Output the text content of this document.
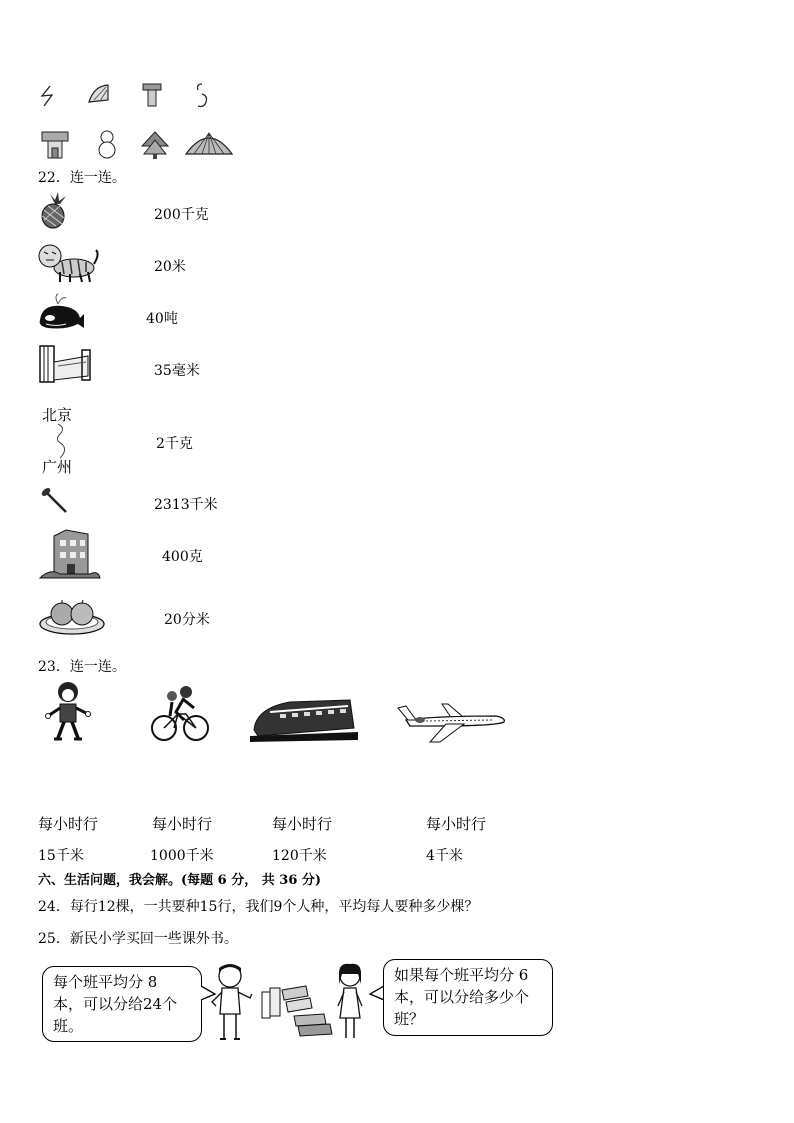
22．连一连。
200千克
20米
40吨
35毫米
北京
广州
2千克
2313千米
400克
20分米
23．连一连。
每小时行	每小时行	每小时行	每小时行
15千米	1000千米	120千米	4千米
六、生活问题，我会解。(每题 6 分， 共 36 分)
24．每行12棵，一共要种15行，我们9个人种，平均每人要种多少棵？
25．新民小学买回一些课外书。
每个班平均分 8
本，可以分给24个
班。
如果每个班平均分 6
本，可以分给多少个
班？
